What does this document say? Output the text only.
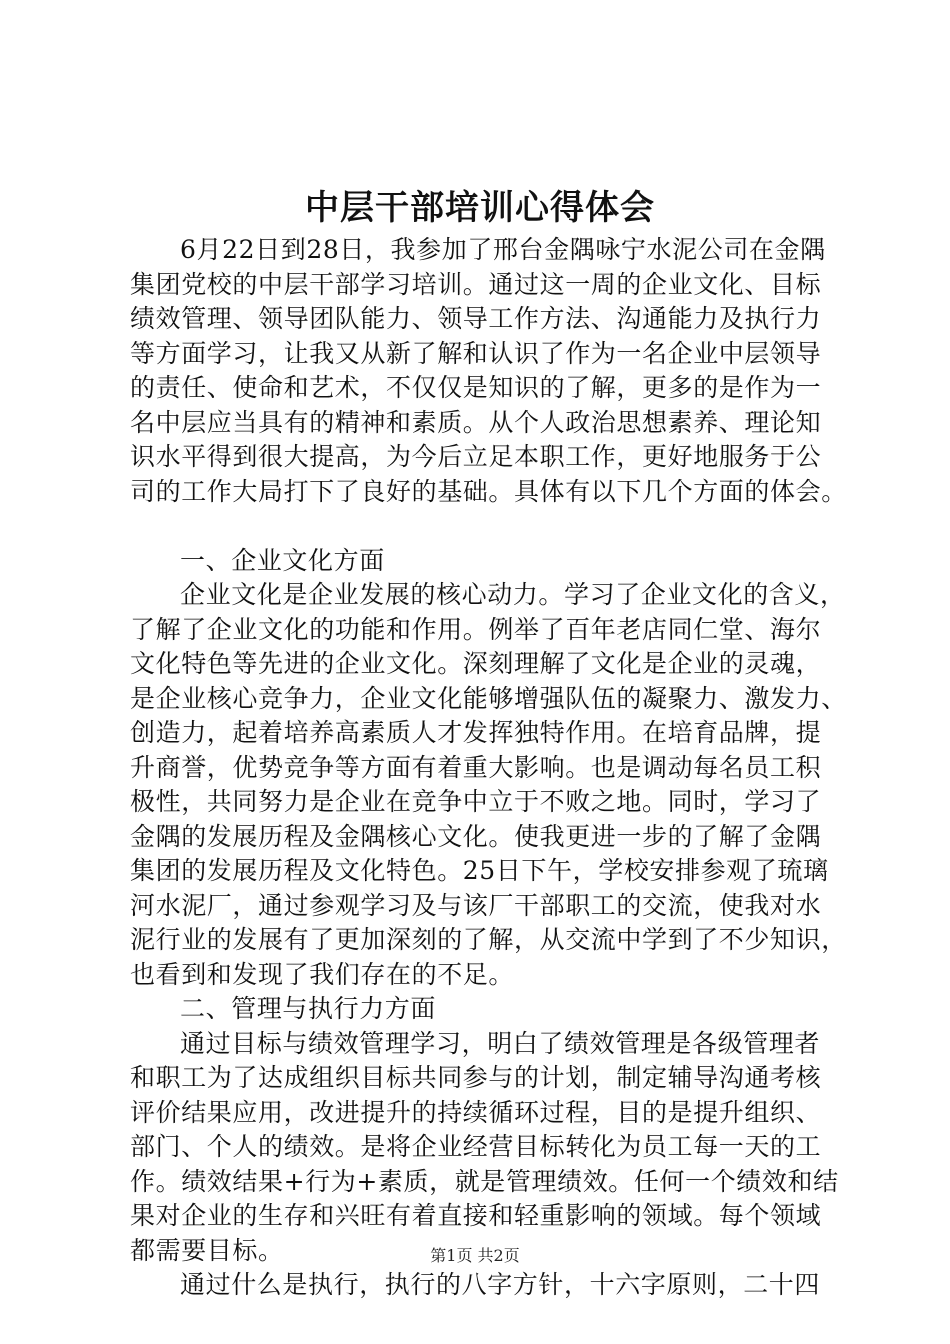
中层干部培训心得体会
6月22日到28日，我参加了邢台金隅咏宁水泥公司在金隅
集团党校的中层干部学习培训。通过这一周的企业文化、目标
绩效管理、领导团队能力、领导工作方法、沟通能力及执行力
等方面学习，让我又从新了解和认识了作为一名企业中层领导
的责任、使命和艺术，不仅仅是知识的了解，更多的是作为一
名中层应当具有的精神和素质。从个人政治思想素养、理论知
识水平得到很大提高，为今后立足本职工作，更好地服务于公
司的工作大局打下了良好的基础。具体有以下几个方面的体会。
一、企业文化方面
企业文化是企业发展的核心动力。学习了企业文化的含义，
了解了企业文化的功能和作用。例举了百年老店同仁堂、海尔
文化特色等先进的企业文化。深刻理解了文化是企业的灵魂，
是企业核心竞争力，企业文化能够增强队伍的凝聚力、激发力、
创造力，起着培养高素质人才发挥独特作用。在培育品牌，提
升商誉，优势竞争等方面有着重大影响。也是调动每名员工积
极性，共同努力是企业在竞争中立于不败之地。同时，学习了
金隅的发展历程及金隅核心文化。使我更进一步的了解了金隅
集团的发展历程及文化特色。25日下午，学校安排参观了琉璃
河水泥厂，通过参观学习及与该厂干部职工的交流，使我对水
泥行业的发展有了更加深刻的了解，从交流中学到了不少知识，
也看到和发现了我们存在的不足。
二、管理与执行力方面
通过目标与绩效管理学习，明白了绩效管理是各级管理者
和职工为了达成组织目标共同参与的计划，制定辅导沟通考核
评价结果应用，改进提升的持续循环过程，目的是提升组织、
部门、个人的绩效。是将企业经营目标转化为员工每一天的工
作。绩效结果+行为+素质，就是管理绩效。任何一个绩效和结
果对企业的生存和兴旺有着直接和轻重影响的领域。每个领域
都需要目标。
通过什么是执行，执行的八字方针，十六字原则，二十四
第1页 共2页
